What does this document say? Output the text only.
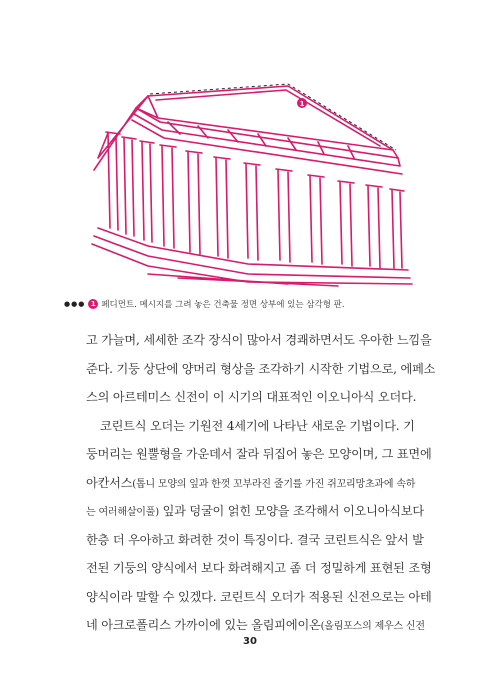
1
●●● 1 페디먼트. 메시지를 그려 놓은 건축물 정면 상부에 있는 삼각형 판.
고 가늘며, 세세한 조각 장식이 많아서 경쾌하면서도 우아한 느낌을
준다. 기둥 상단에 양머리 형상을 조각하기 시작한 기법으로, 에페소
스의 아르테미스 신전이 이 시기의 대표적인 이오니아식 오더다.
코린트식 오더는 기원전 4세기에 나타난 새로운 기법이다. 기
둥머리는 원뿔형을 가운데서 잘라 뒤집어 놓은 모양이며, 그 표면에
아칸서스(톱니 모양의 잎과 한껏 꼬부라진 줄기를 가진 쥐꼬리망초과에 속하
는 여러해살이풀) 잎과 덩굴이 얽힌 모양을 조각해서 이오니아식보다
한층 더 우아하고 화려한 것이 특징이다. 결국 코린트식은 앞서 발
전된 기둥의 양식에서 보다 화려해지고 좀 더 정밀하게 표현된 조형
양식이라 말할 수 있겠다. 코린트식 오더가 적용된 신전으로는 아테
네 아크로폴리스 가까이에 있는 올림피에이온(올림포스의 제우스 신전
30
